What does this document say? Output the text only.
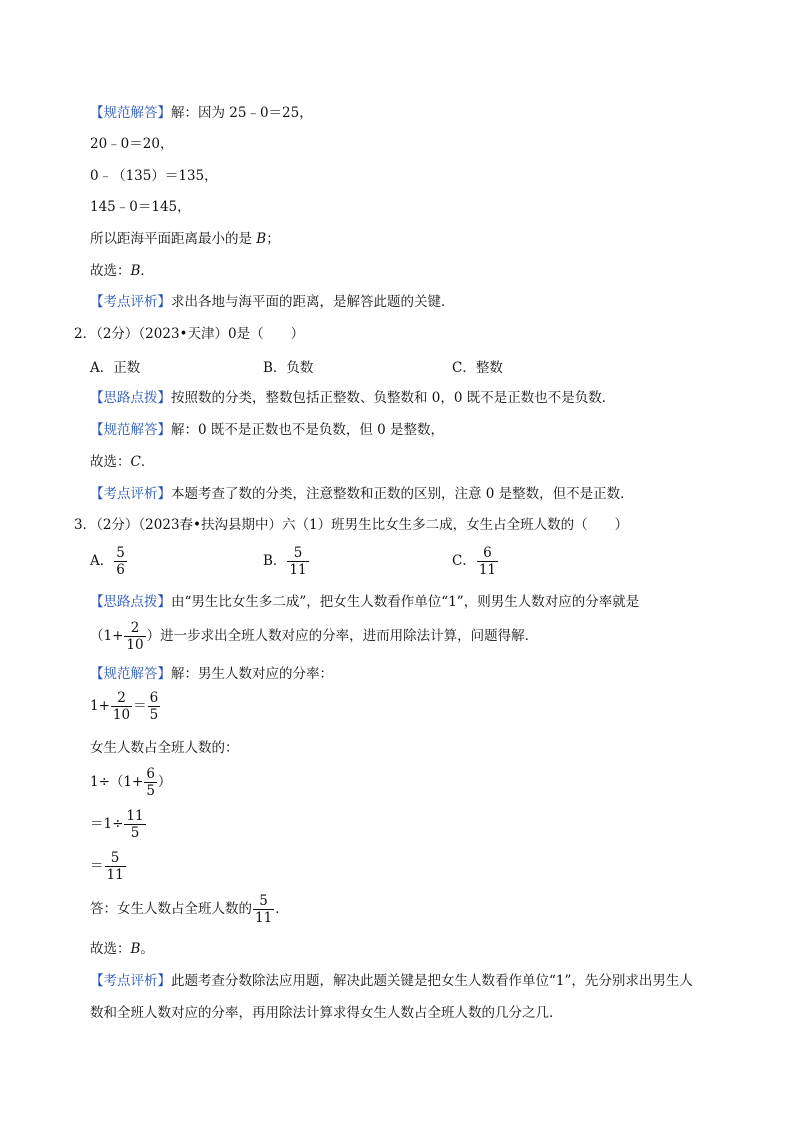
【规范解答】解：因为 25﹣0＝25，
20﹣0＝20，
0﹣（135）＝135，
145﹣0＝145，
所以距海平面距离最小的是 B；
故选：B．
【考点评析】求出各地与海平面的距离，是解答此题的关键．
2．（2分）（2023•天津）0是（　　）
A．正数	B．负数	C．整数
【思路点拨】按照数的分类，整数包括正整数、负整数和 0，0 既不是正数也不是负数．
【规范解答】解：0 既不是正数也不是负数，但 0 是整数，
故选：C．
【考点评析】本题考查了数的分类，注意整数和正数的区别，注意 0 是整数，但不是正数．
3．（2分）（2023春•扶沟县期中）六（1）班男生比女生多二成，女生占全班人数的（　　）
A． $\frac{5}{6}$	B． $\frac{5}{11}$	C． $\frac{6}{11}$
【思路点拨】由“男生比女生多二成”，把女生人数看作单位“1”，则男生人数对应的分率就是
（$1+ \frac{2}{10}$ ）进一步求出全班人数对应的分率，进而用除法计算，问题得解．
【规范解答】解：男生人数对应的分率：
$1+ \frac{2}{10} = \frac{6}{5}$
女生人数占全班人数的：
$1\div(1+ \frac{6}{5}$ ）
$=1\div \frac{11}{5}$
＝ $\frac{5}{11}$
答：女生人数占全班人数的 $\frac{5}{11}$ ．
故选：B。
【考点评析】此题考查分数除法应用题，解决此题关键是把女生人数看作单位“1”，先分别求出男生人
数和全班人数对应的分率，再用除法计算求得女生人数占全班人数的几分之几．
